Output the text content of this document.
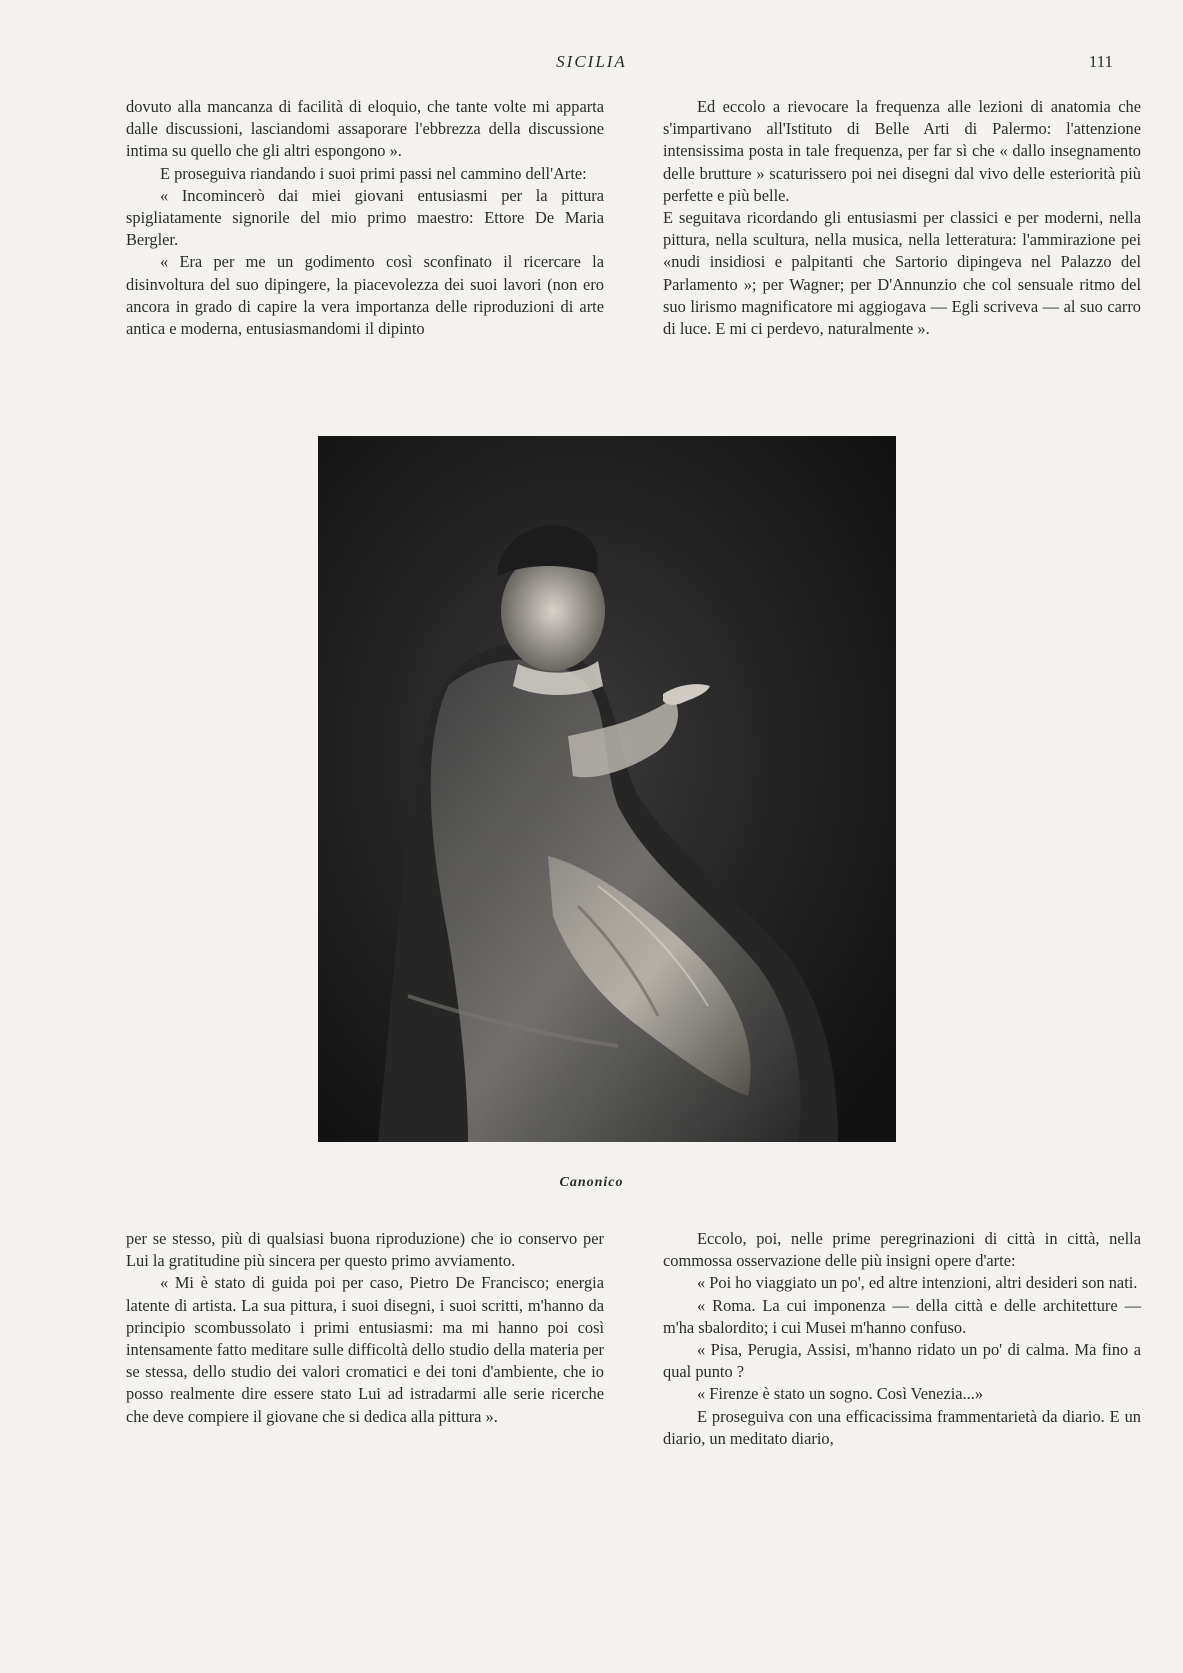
SICILIA	111

dovuto alla mancanza di facilità di eloquio, che tante volte mi apparta dalle discussioni, lasciandomi assaporare l'ebbrezza della discussione intima su quello che gli altri espongono ».

E proseguiva riandando i suoi primi passi nel cammino dell'Arte:

« Incomincerò dai miei giovani entusiasmi per la pittura spigliatamente signorile del mio primo maestro: Ettore De Maria Bergler.

« Era per me un godimento così sconfinato il ricercare la disinvoltura del suo dipingere, la piacevolezza dei suoi lavori (non ero ancora in grado di capire la vera importanza delle riproduzioni di arte antica e moderna, entusiasmandomi il dipinto

Ed eccolo a rievocare la frequenza alle lezioni di anatomia che s'impartivano all'Istituto di Belle Arti di Palermo: l'attenzione intensissima posta in tale frequenza, per far sì che « dallo insegnamento delle brutture » scaturissero poi nei disegni dal vivo delle esteriorità più perfette e più belle.

E seguitava ricordando gli entusiasmi per classici e per moderni, nella pittura, nella scultura, nella musica, nella letteratura: l'ammirazione pei «nudi insidiosi e palpitanti che Sartorio dipingeva nel Palazzo del Parlamento »; per Wagner; per D'Annunzio che col sensuale ritmo del suo lirismo magnificatore mi aggiogava — Egli scriveva — al suo carro di luce. E mi ci perdevo, naturalmente ».

Canonico

per se stesso, più di qualsiasi buona riproduzione) che io conservo per Lui la gratitudine più sincera per questo primo avviamento.

« Mi è stato di guida poi per caso, Pietro De Francisco; energia latente di artista. La sua pittura, i suoi disegni, i suoi scritti, m'hanno da principio scombussolato i primi entusiasmi: ma mi hanno poi così intensamente fatto meditare sulle difficoltà dello studio della materia per se stessa, dello studio dei valori cromatici e dei toni d'ambiente, che io posso realmente dire essere stato Lui ad istradarmi alle serie ricerche che deve compiere il giovane che si dedica alla pittura ».

Eccolo, poi, nelle prime peregrinazioni di città in città, nella commossa osservazione delle più insigni opere d'arte:

« Poi ho viaggiato un po', ed altre intenzioni, altri desideri son nati.

« Roma. La cui imponenza — della città e delle architetture — m'ha sbalordito; i cui Musei m'hanno confuso.

« Pisa, Perugia, Assisi, m'hanno ridato un po' di calma. Ma fino a qual punto ?

« Firenze è stato un sogno. Così Venezia...»

E proseguiva con una efficacissima frammentarietà da diario. E un diario, un meditato diario,
